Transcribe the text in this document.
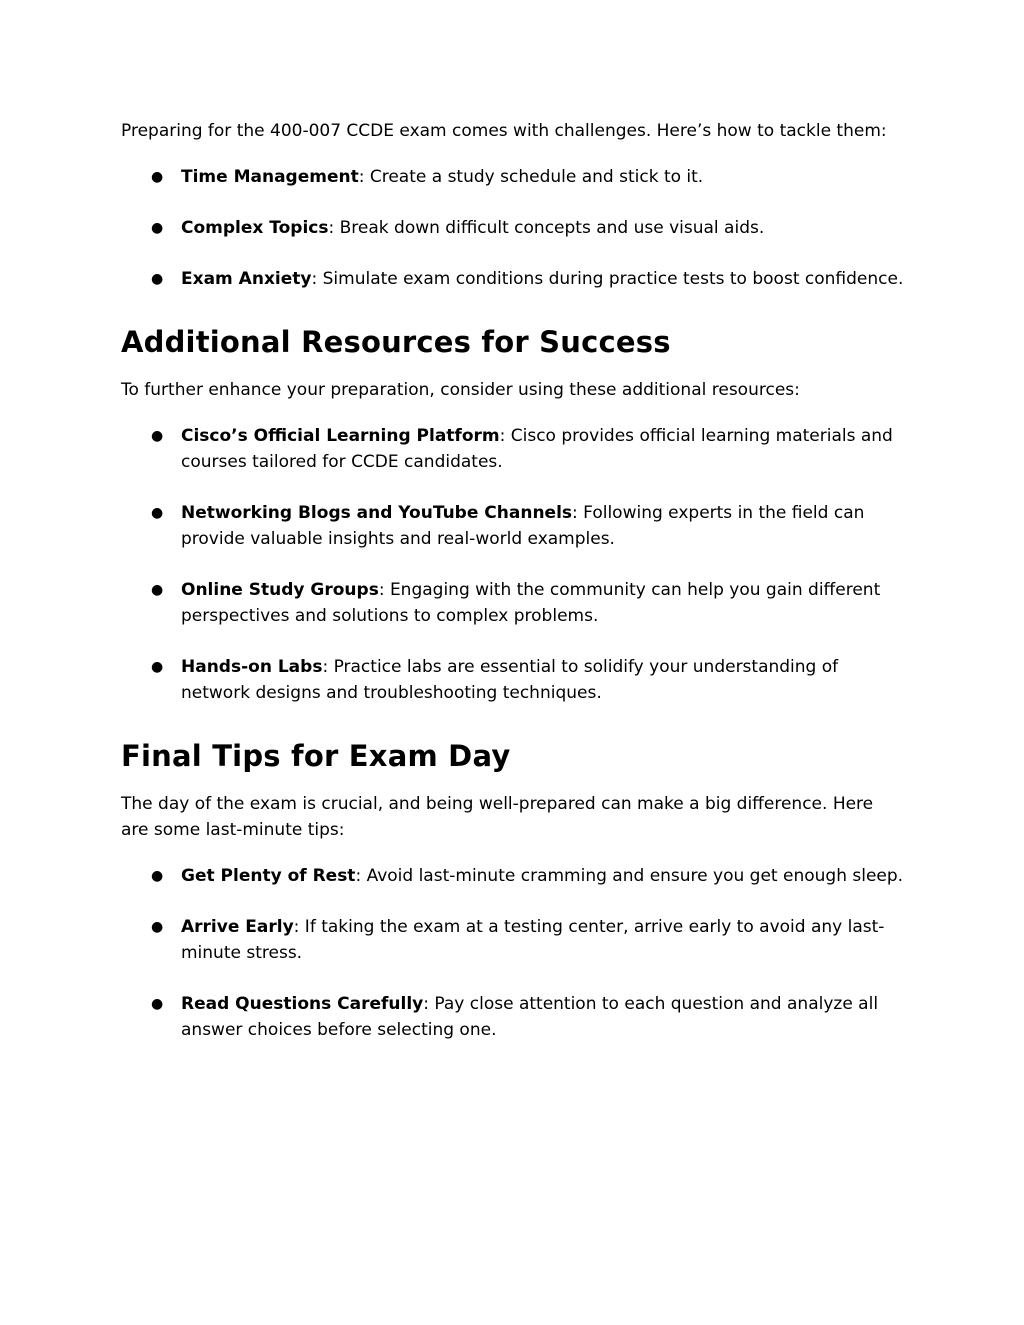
Preparing for the 400-007 CCDE exam comes with challenges. Here’s how to tackle them:

● Time Management: Create a study schedule and stick to it.
● Complex Topics: Break down difficult concepts and use visual aids.
● Exam Anxiety: Simulate exam conditions during practice tests to boost confidence.
Additional Resources for Success

To further enhance your preparation, consider using these additional resources:

● Cisco’s Official Learning Platform: Cisco provides official learning materials and courses tailored for CCDE candidates.
● Networking Blogs and YouTube Channels: Following experts in the field can provide valuable insights and real-world examples.
● Online Study Groups: Engaging with the community can help you gain different perspectives and solutions to complex problems.
● Hands-on Labs: Practice labs are essential to solidify your understanding of network designs and troubleshooting techniques.
Final Tips for Exam Day

The day of the exam is crucial, and being well-prepared can make a big difference. Here are some last-minute tips:

● Get Plenty of Rest: Avoid last-minute cramming and ensure you get enough sleep.
● Arrive Early: If taking the exam at a testing center, arrive early to avoid any last-minute stress.
● Read Questions Carefully: Pay close attention to each question and analyze all answer choices before selecting one.
